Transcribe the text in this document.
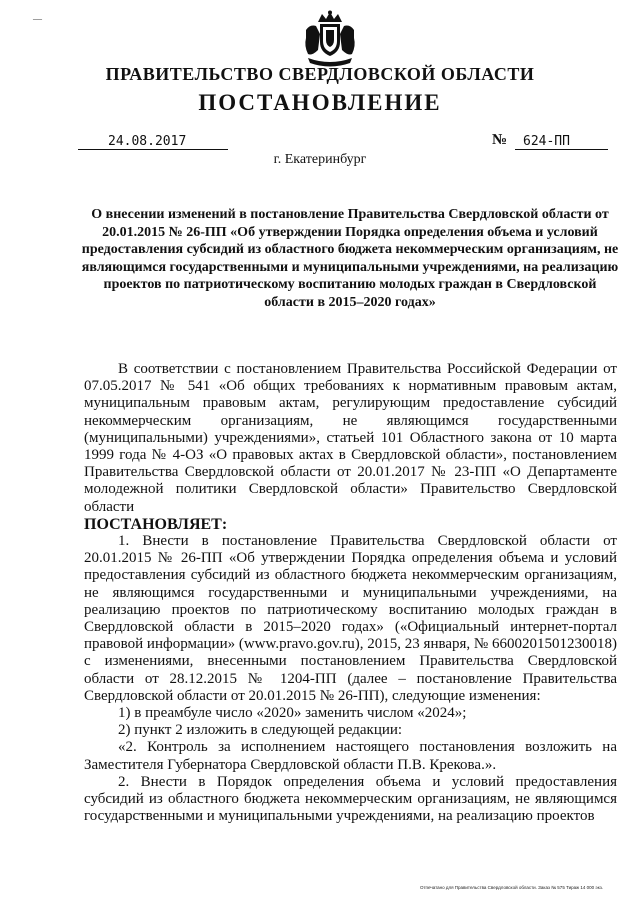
—
ПРАВИТЕЛЬСТВО СВЕРДЛОВСКОЙ ОБЛАСТИ
ПОСТАНОВЛЕНИЕ
24.08.2017	№	624-ПП
г. Екатеринбург
О внесении изменений в постановление Правительства Свердловской области от 20.01.2015 № 26-ПП «Об утверждении Порядка определения объема и условий предоставления субсидий из областного бюджета некоммерческим организациям, не являющимся государственными и муниципальными учреждениями, на реализацию проектов по патриотическому воспитанию молодых граждан в Свердловской области в 2015–2020 годах»

В соответствии с постановлением Правительства Российской Федерации от 07.05.2017 № 541 «Об общих требованиях к нормативным правовым актам, муниципальным правовым актам, регулирующим предоставление субсидий некоммерческим организациям, не являющимся государственными (муниципальными) учреждениями», статьей 101 Областного закона от 10 марта 1999 года № 4-ОЗ «О правовых актах в Свердловской области», постановлением Правительства Свердловской области от 20.01.2017 № 23-ПП «О Департаменте молодежной политики Свердловской области» Правительство Свердловской области

ПОСТАНОВЛЯЕТ:

1. Внести в постановление Правительства Свердловской области от 20.01.2015 № 26-ПП «Об утверждении Порядка определения объема и условий предоставления субсидий из областного бюджета некоммерческим организациям, не являющимся государственными и муниципальными учреждениями, на реализацию проектов по патриотическому воспитанию молодых граждан в Свердловской области в 2015–2020 годах» («Официальный интернет-портал правовой информации» (www.pravo.gov.ru), 2015, 23 января, № 6600201501230018) с изменениями, внесенными постановлением Правительства Свердловской области от 28.12.2015 № 1204-ПП (далее – постановление Правительства Свердловской области от 20.01.2015 № 26-ПП), следующие изменения:

1) в преамбуле число «2020» заменить числом «2024»;

2) пункт 2 изложить в следующей редакции:

«2. Контроль за исполнением настоящего постановления возложить на Заместителя Губернатора Свердловской области П.В. Крекова.».

2. Внести в Порядок определения объема и условий предоставления субсидий из областного бюджета некоммерческим организациям, не являющимся государственными и муниципальными учреждениями, на реализацию проектов

Отпечатано для Правительства Свердловской области. Заказ № 575 Тираж 14 000 экз.
